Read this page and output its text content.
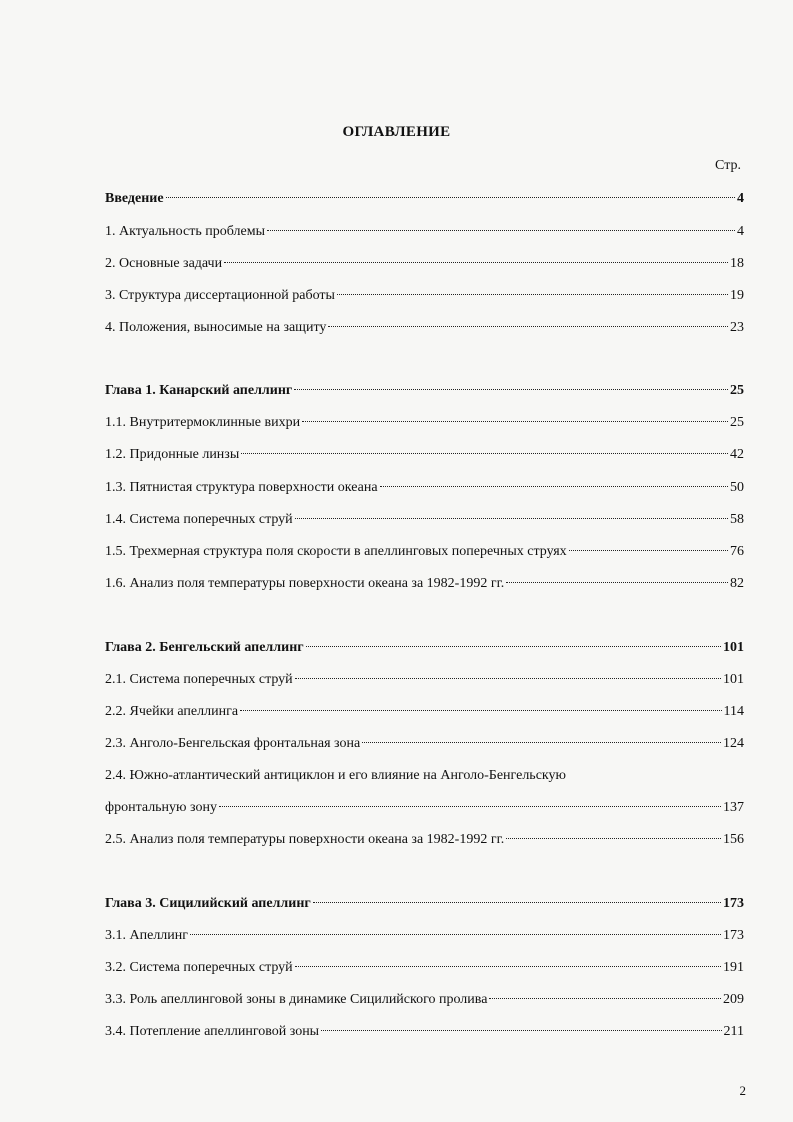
ОГЛАВЛЕНИЕ
Стр.
Введение	4
1. Актуальность проблемы	4
2. Основные задачи	18
3. Структура диссертационной работы	19
4. Положения, выносимые на защиту	23
Глава 1. Канарский апеллинг	25
1.1. Внутритермоклинные вихри	25
1.2. Придонные линзы	42
1.3. Пятнистая структура поверхности океана	50
1.4. Система поперечных струй	58
1.5. Трехмерная структура поля скорости в апеллинговых поперечных струях	76
1.6. Анализ поля температуры поверхности океана за 1982-1992 гг.	82
Глава 2. Бенгельский апеллинг	101
2.1. Система поперечных струй	101
2.2. Ячейки апеллинга	114
2.3. Анголо-Бенгельская фронтальная зона	124
2.4. Южно-атлантический антициклон и его влияние на Анголо-Бенгельскую
фронтальную зону	137
2.5. Анализ поля температуры поверхности океана за 1982-1992 гг.	156
Глава 3. Сицилийский апеллинг	173
3.1. Апеллинг	173
3.2. Система поперечных струй	191
3.3. Роль апеллинговой зоны в динамике Сицилийского пролива	209
3.4. Потепление апеллинговой зоны	211
2
